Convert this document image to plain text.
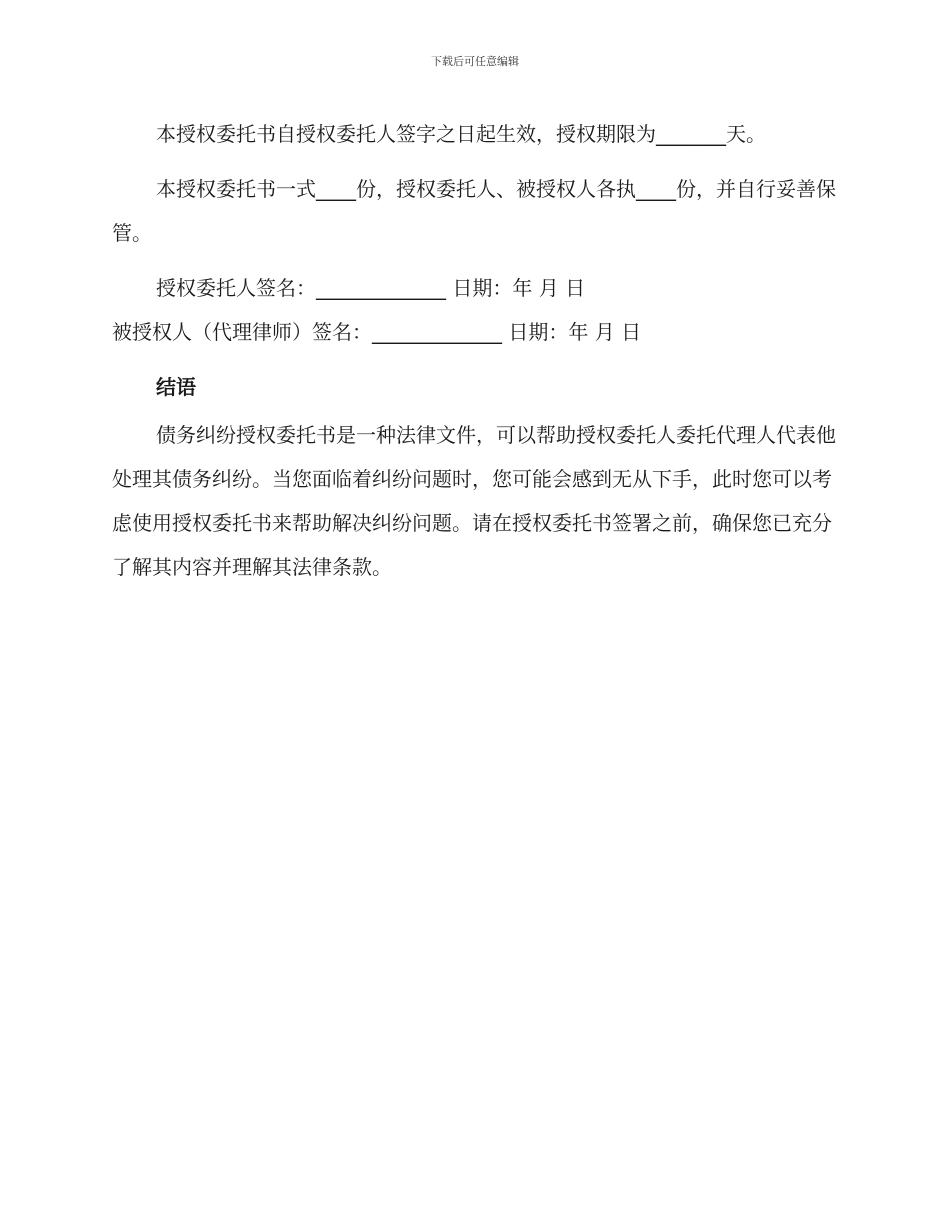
下载后可任意编辑

本授权委托书自授权委托人签字之日起生效，授权期限为_______天。

本授权委托书一式____份，授权委托人、被授权人各执____份，并自行妥善保管。

授权委托人签名：_____________ 日期：年 月 日

被授权人（代理律师）签名：_____________ 日期：年 月 日

结语

债务纠纷授权委托书是一种法律文件，可以帮助授权委托人委托代理人代表他处理其债务纠纷。当您面临着纠纷问题时，您可能会感到无从下手，此时您可以考虑使用授权委托书来帮助解决纠纷问题。请在授权委托书签署之前，确保您已充分了解其内容并理解其法律条款。
